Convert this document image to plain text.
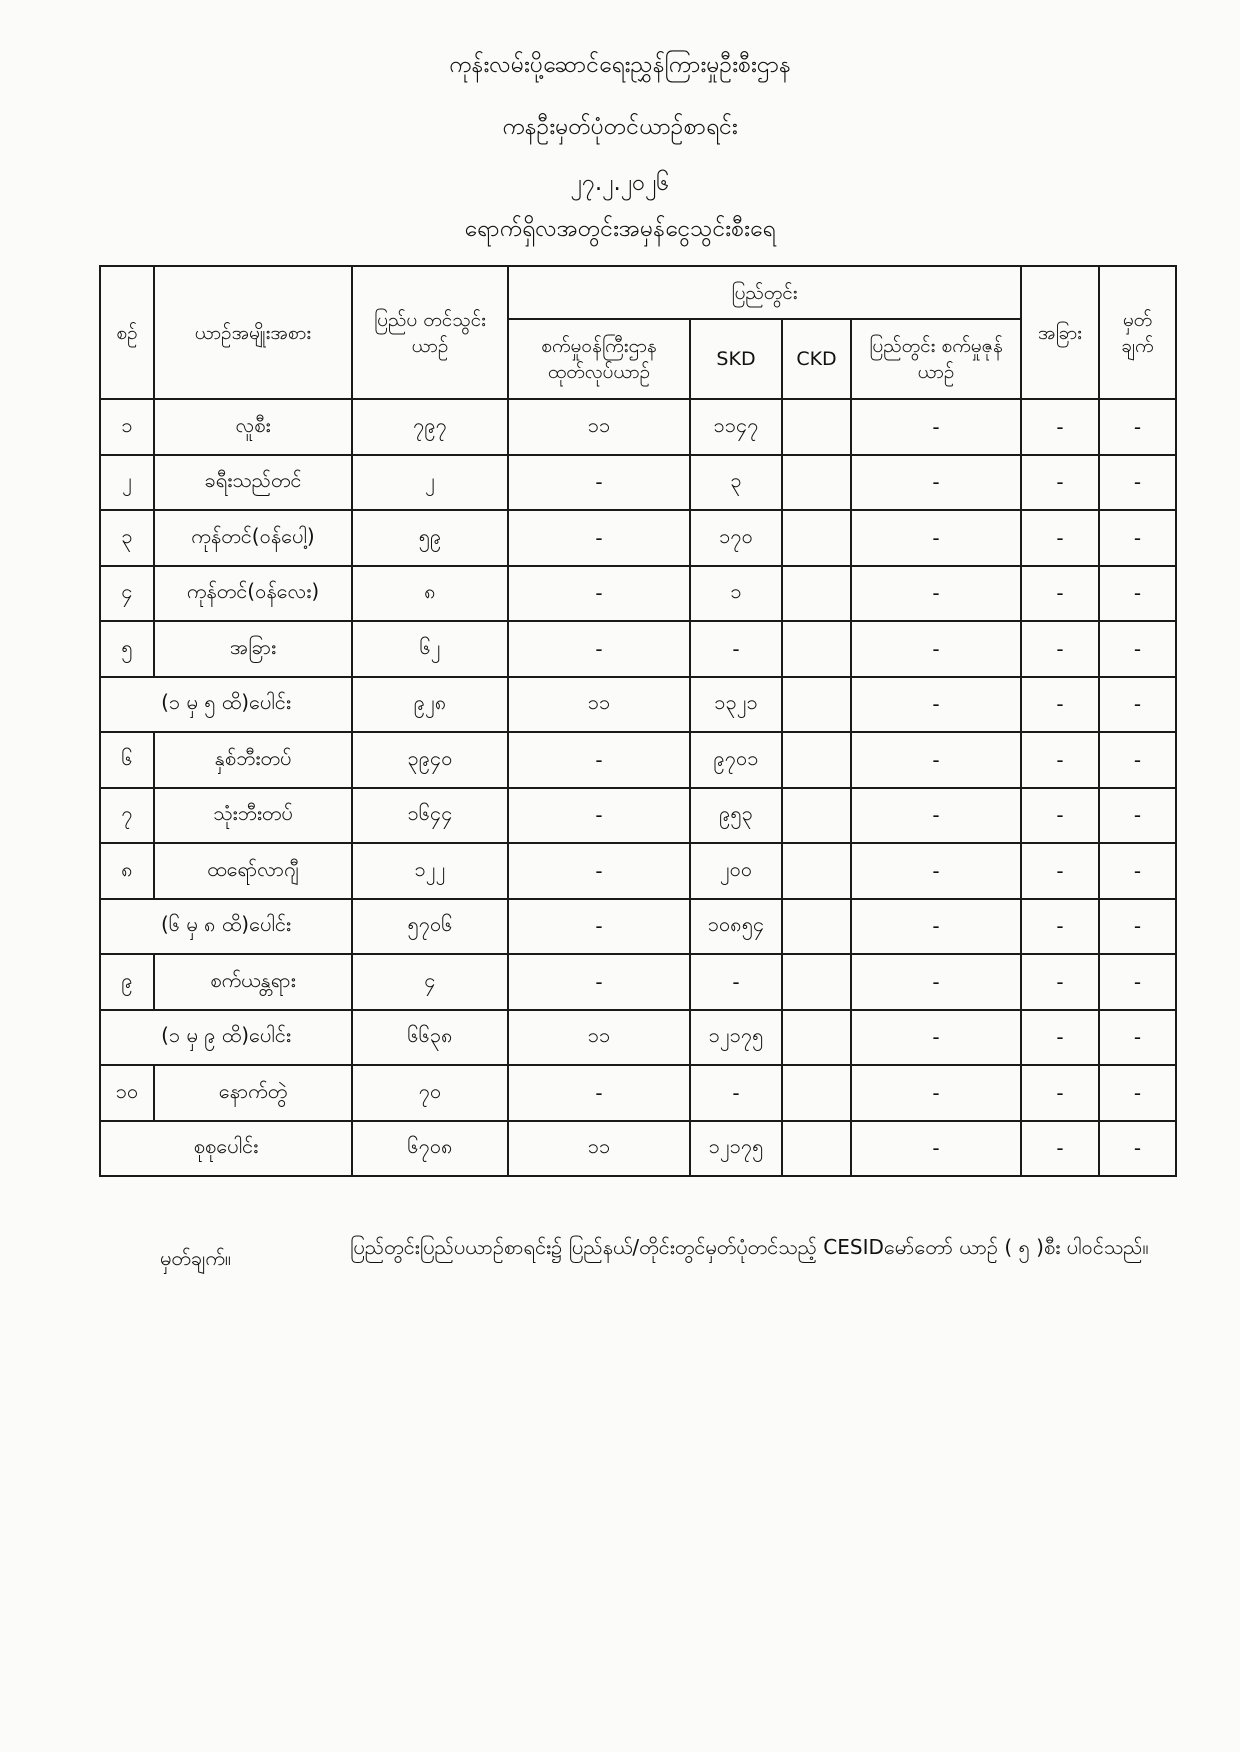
ကုန်းလမ်းပို့ဆောင်ရေးညွှန်ကြားမှုဦးစီးဌာန
ကနဦးမှတ်ပုံတင်ယာဉ်စာရင်း
၂၇.၂.၂၀၂၆
ရောက်ရှိလအတွင်းအမှန်ငွေသွင်းစီးရေ
စဉ်	ယာဉ်အမျိုးအစား	ပြည်ပ တင်သွင်းယာဉ်	ပြည်တွင်း				အခြား	မှတ် ချက်
			စက်မှုဝန်ကြီးဌာန ထုတ်လုပ်ယာဉ်	SKD	CKD	ပြည်တွင်း စက်မှုဇုန်ယာဉ်		
၁	လူစီး	၇၉၇	၁၁	၁၁၄၇		-	-	-
၂	ခရီးသည်တင်	၂	-	၃		-	-	-
၃	ကုန်တင်(ဝန်ပေါ့)	၅၉	-	၁၇၀		-	-	-
၄	ကုန်တင်(ဝန်လေး)	၈	-	၁		-	-	-
၅	အခြား	၆၂	-	-		-	-	-
(၁ မှ ၅ ထိ)ပေါင်း		၉၂၈	၁၁	၁၃၂၁		-	-	-
၆	နှစ်ဘီးတပ်	၃၉၄၀	-	၉၇၀၁		-	-	-
၇	သုံးဘီးတပ်	၁၆၄၄	-	၉၅၃		-	-	-
၈	ထရော်လာဂျီ	၁၂၂	-	၂၀၀		-	-	-
(၆ မှ ၈ ထိ)ပေါင်း		၅၇၀၆	-	၁၀၈၅၄		-	-	-
၉	စက်ယန္တရား	၄	-	-		-	-	-
(၁ မှ ၉ ထိ)ပေါင်း		၆၆၃၈	၁၁	၁၂၁၇၅		-	-	-
၁၀	နောက်တွဲ	၇၀	-	-		-	-	-
စုစုပေါင်း		၆၇၀၈	၁၁	၁၂၁၇၅		-	-	-
မှတ်ချက်။	ပြည်တွင်းပြည်ပယာဉ်စာရင်း၌ ပြည်နယ်/တိုင်းတွင်မှတ်ပုံတင်သည့် CESIDမော်တော် ယာဉ် ( ၅ )စီး ပါဝင်သည်။
